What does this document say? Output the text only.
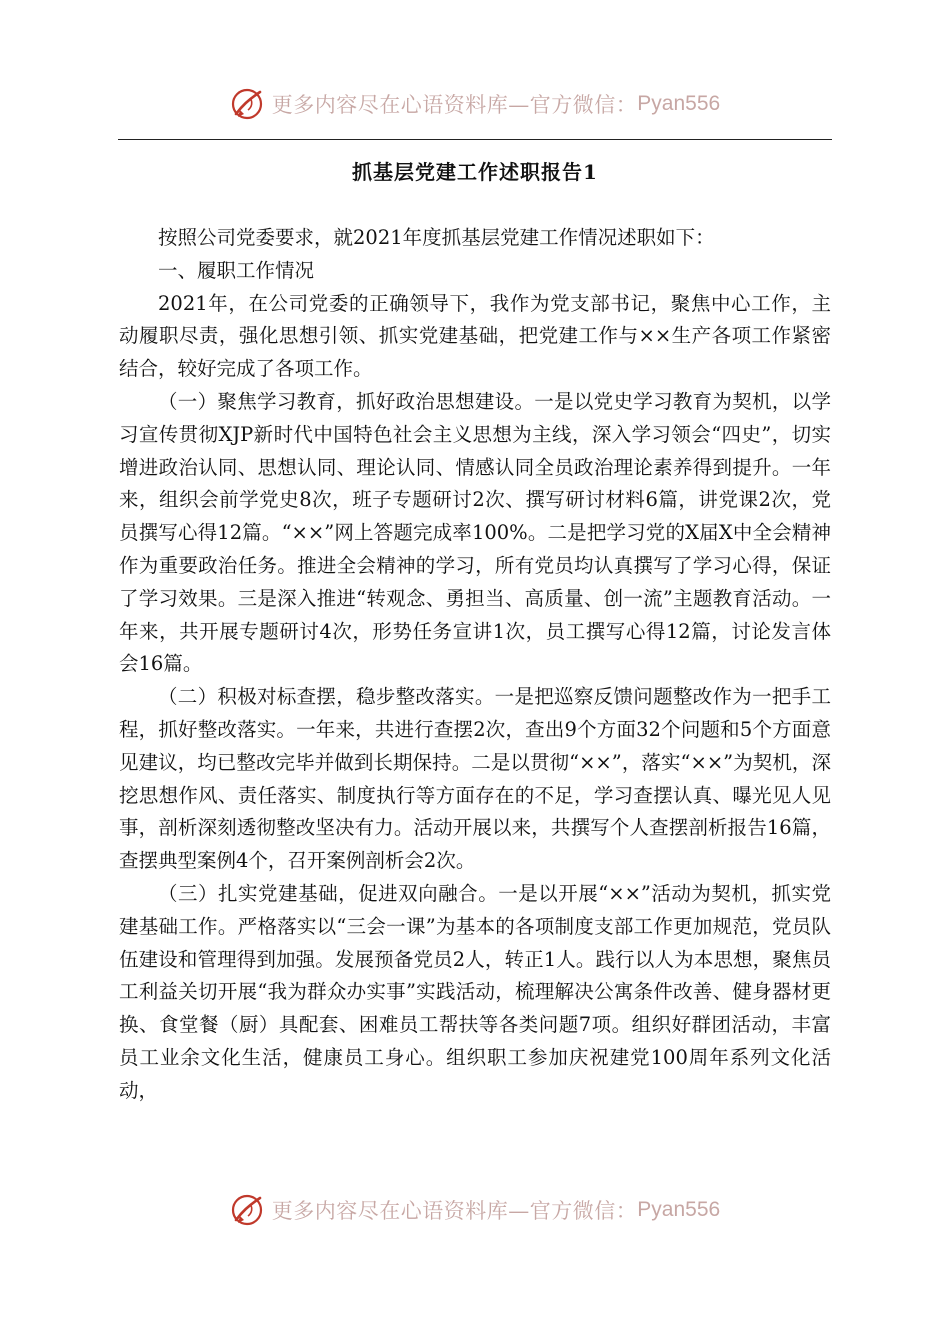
更多内容尽在心语资料库—官方微信： Pyan556
抓基层党建工作述职报告1

按照公司党委要求，就2021年度抓基层党建工作情况述职如下：

一、履职工作情况

2021年，在公司党委的正确领导下，我作为党支部书记，聚焦中心工作，主动履职尽责，强化思想引领、抓实党建基础，把党建工作与××生产各项工作紧密结合，较好完成了各项工作。

（一）聚焦学习教育，抓好政治思想建设。一是以党史学习教育为契机，以学习宣传贯彻XJP新时代中国特色社会主义思想为主线，深入学习领会“四史”，切实增进政治认同、思想认同、理论认同、情感认同全员政治理论素养得到提升。一年来，组织会前学党史8次，班子专题研讨2次、撰写研讨材料6篇，讲党课2次，党员撰写心得12篇。“××”网上答题完成率100%。二是把学习党的X届X中全会精神作为重要政治任务。推进全会精神的学习，所有党员均认真撰写了学习心得，保证了学习效果。三是深入推进“转观念、勇担当、高质量、创一流”主题教育活动。一年来，共开展专题研讨4次，形势任务宣讲1次，员工撰写心得12篇，讨论发言体会16篇。

（二）积极对标查摆，稳步整改落实。一是把巡察反馈问题整改作为一把手工程，抓好整改落实。一年来，共进行查摆2次，查出9个方面32个问题和5个方面意见建议，均已整改完毕并做到长期保持。二是以贯彻“××”，落实“××”为契机，深挖思想作风、责任落实、制度执行等方面存在的不足，学习查摆认真、曝光见人见事，剖析深刻透彻整改坚决有力。活动开展以来，共撰写个人查摆剖析报告16篇，查摆典型案例4个，召开案例剖析会2次。

（三）扎实党建基础，促进双向融合。一是以开展“××”活动为契机，抓实党建基础工作。严格落实以“三会一课”为基本的各项制度支部工作更加规范，党员队伍建设和管理得到加强。发展预备党员2人，转正1人。践行以人为本思想，聚焦员工利益关切开展“我为群众办实事”实践活动，梳理解决公寓条件改善、健身器材更换、食堂餐（厨）具配套、困难员工帮扶等各类问题7项。组织好群团活动，丰富员工业余文化生活，健康员工身心。组织职工参加庆祝建党100周年系列文化活动，

更多内容尽在心语资料库—官方微信： Pyan556
